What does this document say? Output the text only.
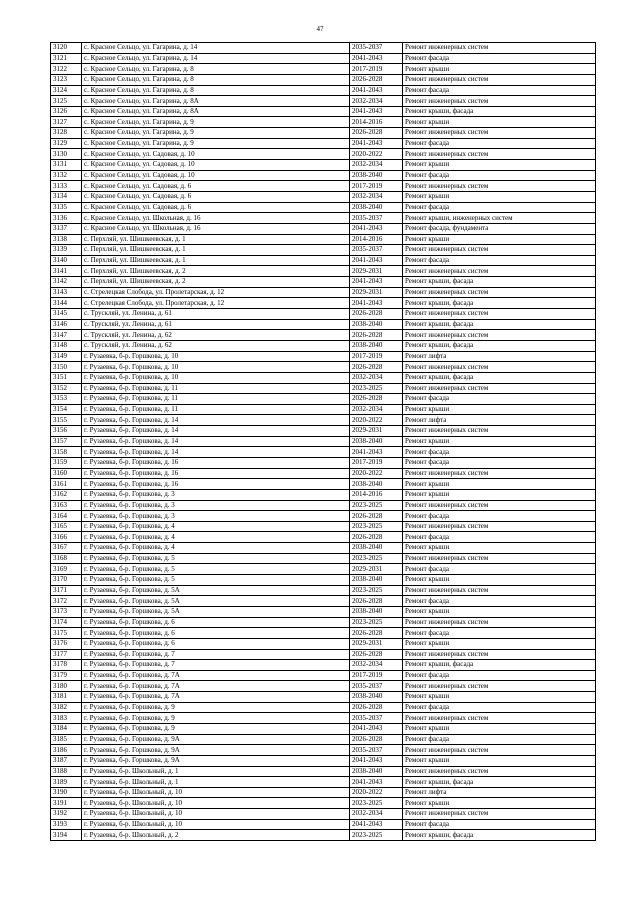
47
3120	с. Красное Сельцо, ул. Гагарина, д. 14	2035-2037	Ремонт инженерных систем
3121	с. Красное Сельцо, ул. Гагарина, д. 14	2041-2043	Ремонт фасада
3122	с. Красное Сельцо, ул. Гагарина, д. 8	2017-2019	Ремонт крыши
3123	с. Красное Сельцо, ул. Гагарина, д. 8	2026-2028	Ремонт инженерных систем
3124	с. Красное Сельцо, ул. Гагарина, д. 8	2041-2043	Ремонт фасада
3125	с. Красное Сельцо, ул. Гагарина, д. 8А	2032-2034	Ремонт инженерных систем
3126	с. Красное Сельцо, ул. Гагарина, д. 8А	2041-2043	Ремонт крыши, фасада
3127	с. Красное Сельцо, ул. Гагарина, д. 9	2014-2016	Ремонт крыши
3128	с. Красное Сельцо, ул. Гагарина, д. 9	2026-2028	Ремонт инженерных систем
3129	с. Красное Сельцо, ул. Гагарина, д. 9	2041-2043	Ремонт фасада
3130	с. Красное Сельцо, ул. Садовая, д. 10	2020-2022	Ремонт инженерных систем
3131	с. Красное Сельцо, ул. Садовая, д. 10	2032-2034	Ремонт крыши
3132	с. Красное Сельцо, ул. Садовая, д. 10	2038-2040	Ремонт фасада
3133	с. Красное Сельцо, ул. Садовая, д. 6	2017-2019	Ремонт инженерных систем
3134	с. Красное Сельцо, ул. Садовая, д. 6	2032-2034	Ремонт крыши
3135	с. Красное Сельцо, ул. Садовая, д. 6	2038-2040	Ремонт фасада
3136	с. Красное Сельцо, ул. Школьная, д. 16	2035-2037	Ремонт крыши, инженерных систем
3137	с. Красное Сельцо, ул. Школьная, д. 16	2041-2043	Ремонт фасада, фундамента
3138	с. Перхляй, ул. Шишкеевская, д. 1	2014-2016	Ремонт крыши
3139	с. Перхляй, ул. Шишкеевская, д. 1	2035-2037	Ремонт инженерных систем
3140	с. Перхляй, ул. Шишкеевская, д. 1	2041-2043	Ремонт фасада
3141	с. Перхляй, ул. Шишкеевская, д. 2	2029-2031	Ремонт инженерных систем
3142	с. Перхляй, ул. Шишкеевская, д. 2	2041-2043	Ремонт крыши, фасада
3143	с. Стрелецкая Слобода, ул. Пролетарская, д. 12	2029-2031	Ремонт инженерных систем
3144	с. Стрелецкая Слобода, ул. Пролетарская, д. 12	2041-2043	Ремонт крыши, фасада
3145	с. Трускляй, ул. Ленина, д. 61	2026-2028	Ремонт инженерных систем
3146	с. Трускляй, ул. Ленина, д. 61	2038-2040	Ремонт крыши, фасада
3147	с. Трускляй, ул. Ленина, д. 62	2026-2028	Ремонт инженерных систем
3148	с. Трускляй, ул. Ленина, д. 62	2038-2040	Ремонт крыши, фасада
3149	г. Рузаевка, б-р. Горшкова, д. 10	2017-2019	Ремонт лифта
3150	г. Рузаевка, б-р. Горшкова, д. 10	2026-2028	Ремонт инженерных систем
3151	г. Рузаевка, б-р. Горшкова, д. 10	2032-2034	Ремонт крыши, фасада
3152	г. Рузаевка, б-р. Горшкова, д. 11	2023-2025	Ремонт инженерных систем
3153	г. Рузаевка, б-р. Горшкова, д. 11	2026-2028	Ремонт фасада
3154	г. Рузаевка, б-р. Горшкова, д. 11	2032-2034	Ремонт крыши
3155	г. Рузаевка, б-р. Горшкова, д. 14	2020-2022	Ремонт лифта
3156	г. Рузаевка, б-р. Горшкова, д. 14	2029-2031	Ремонт инженерных систем
3157	г. Рузаевка, б-р. Горшкова, д. 14	2038-2040	Ремонт крыши
3158	г. Рузаевка, б-р. Горшкова, д. 14	2041-2043	Ремонт фасада
3159	г. Рузаевка, б-р. Горшкова, д. 16	2017-2019	Ремонт фасада
3160	г. Рузаевка, б-р. Горшкова, д. 16	2020-2022	Ремонт инженерных систем
3161	г. Рузаевка, б-р. Горшкова, д. 16	2038-2040	Ремонт крыши
3162	г. Рузаевка, б-р. Горшкова, д. 3	2014-2016	Ремонт крыши
3163	г. Рузаевка, б-р. Горшкова, д. 3	2023-2025	Ремонт инженерных систем
3164	г. Рузаевка, б-р. Горшкова, д. 3	2026-2028	Ремонт фасада
3165	г. Рузаевка, б-р. Горшкова, д. 4	2023-2025	Ремонт инженерных систем
3166	г. Рузаевка, б-р. Горшкова, д. 4	2026-2028	Ремонт фасада
3167	г. Рузаевка, б-р. Горшкова, д. 4	2038-2040	Ремонт крыши
3168	г. Рузаевка, б-р. Горшкова, д. 5	2023-2025	Ремонт инженерных систем
3169	г. Рузаевка, б-р. Горшкова, д. 5	2029-2031	Ремонт фасада
3170	г. Рузаевка, б-р. Горшкова, д. 5	2038-2040	Ремонт крыши
3171	г. Рузаевка, б-р. Горшкова, д. 5А	2023-2025	Ремонт инженерных систем
3172	г. Рузаевка, б-р. Горшкова, д. 5А	2026-2028	Ремонт фасада
3173	г. Рузаевка, б-р. Горшкова, д. 5А	2038-2040	Ремонт крыши
3174	г. Рузаевка, б-р. Горшкова, д. 6	2023-2025	Ремонт инженерных систем
3175	г. Рузаевка, б-р. Горшкова, д. 6	2026-2028	Ремонт фасада
3176	г. Рузаевка, б-р. Горшкова, д. 6	2029-2031	Ремонт крыши
3177	г. Рузаевка, б-р. Горшкова, д. 7	2026-2028	Ремонт инженерных систем
3178	г. Рузаевка, б-р. Горшкова, д. 7	2032-2034	Ремонт крыши, фасада
3179	г. Рузаевка, б-р. Горшкова, д. 7А	2017-2019	Ремонт фасада
3180	г. Рузаевка, б-р. Горшкова, д. 7А	2035-2037	Ремонт инженерных систем
3181	г. Рузаевка, б-р. Горшкова, д. 7А	2038-2040	Ремонт крыши
3182	г. Рузаевка, б-р. Горшкова, д. 9	2026-2028	Ремонт фасада
3183	г. Рузаевка, б-р. Горшкова, д. 9	2035-2037	Ремонт инженерных систем
3184	г. Рузаевка, б-р. Горшкова, д. 9	2041-2043	Ремонт крыши
3185	г. Рузаевка, б-р. Горшкова, д. 9А	2026-2028	Ремонт фасада
3186	г. Рузаевка, б-р. Горшкова, д. 9А	2035-2037	Ремонт инженерных систем
3187	г. Рузаевка, б-р. Горшкова, д. 9А	2041-2043	Ремонт крыши
3188	г. Рузаевка, б-р. Школьный, д. 1	2038-2040	Ремонт инженерных систем
3189	г. Рузаевка, б-р. Школьный, д. 1	2041-2043	Ремонт крыши, фасада
3190	г. Рузаевка, б-р. Школьный, д. 10	2020-2022	Ремонт лифта
3191	г. Рузаевка, б-р. Школьный, д. 10	2023-2025	Ремонт крыши
3192	г. Рузаевка, б-р. Школьный, д. 10	2032-2034	Ремонт инженерных систем
3193	г. Рузаевка, б-р. Школьный, д. 10	2041-2043	Ремонт фасада
3194	г. Рузаевка, б-р. Школьный, д. 2	2023-2025	Ремонт крыши, фасада
